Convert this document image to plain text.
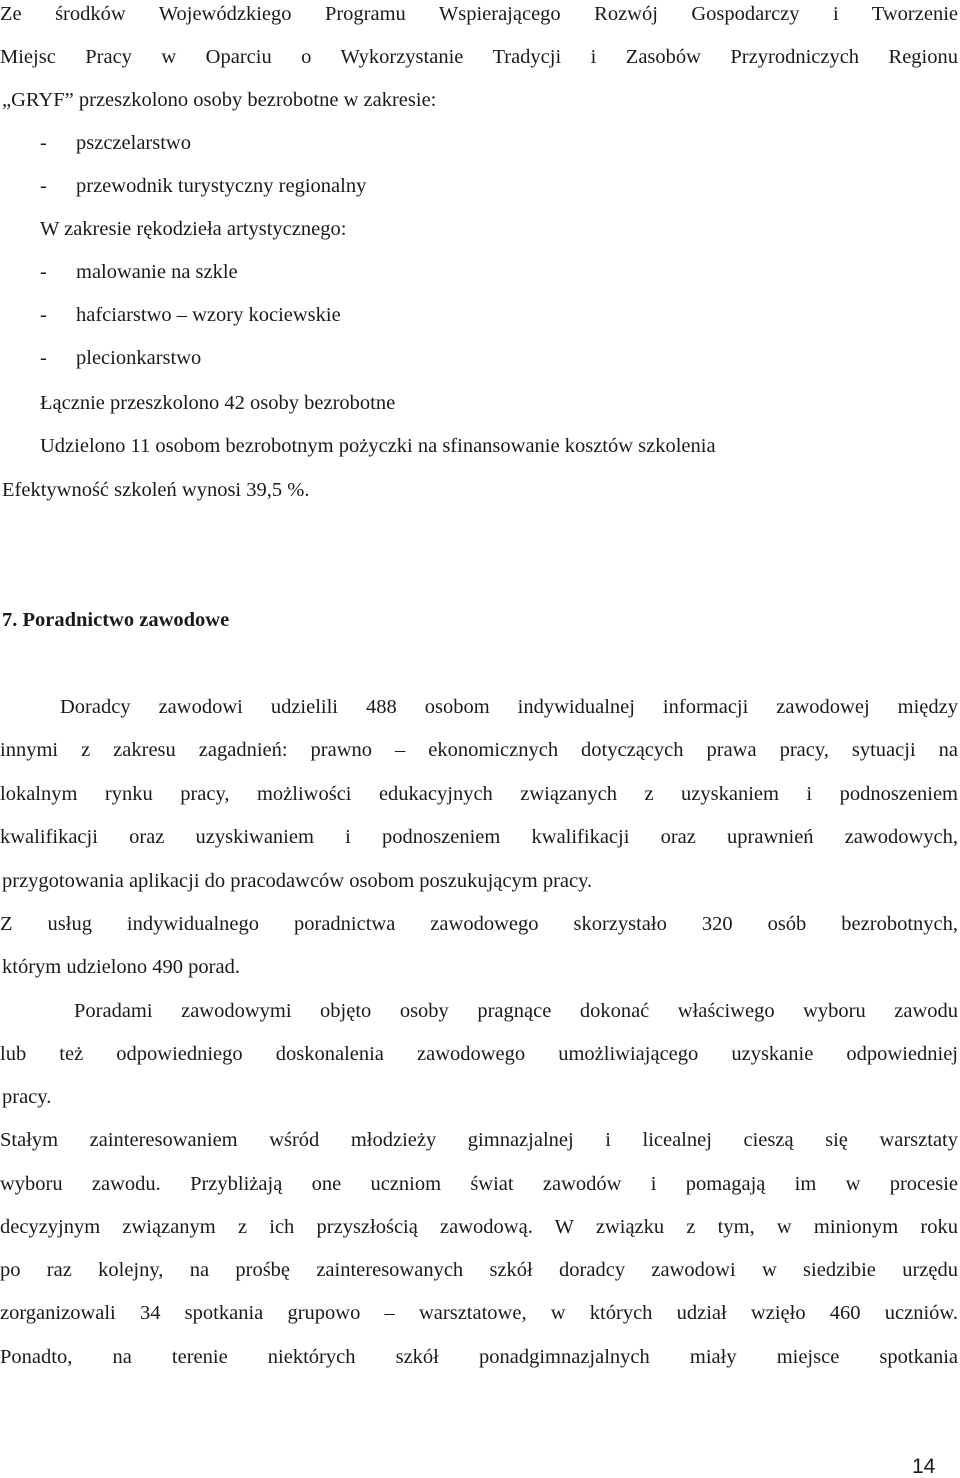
Ze środków Wojewódzkiego Programu Wspierającego Rozwój Gospodarczy i Tworzenie
Miejsc Pracy w Oparciu o Wykorzystanie Tradycji i Zasobów Przyrodniczych Regionu
„GRYF” przeszkolono osoby bezrobotne w zakresie:
- pszczelarstwo
- przewodnik turystyczny regionalny
W zakresie rękodzieła artystycznego:
- malowanie na szkle
- hafciarstwo – wzory kociewskie
- plecionkarstwo
Łącznie przeszkolono 42 osoby bezrobotne
Udzielono 11 osobom bezrobotnym pożyczki na sfinansowanie kosztów szkolenia
Efektywność szkoleń wynosi 39,5 %.
7. Poradnictwo zawodowe
Doradcy zawodowi udzielili 488 osobom indywidualnej informacji zawodowej między
innymi z zakresu zagadnień: prawno – ekonomicznych dotyczących prawa pracy, sytuacji na
lokalnym rynku pracy, możliwości edukacyjnych związanych z uzyskaniem i podnoszeniem
kwalifikacji oraz uzyskiwaniem i podnoszeniem kwalifikacji oraz uprawnień zawodowych,
przygotowania aplikacji do pracodawców osobom poszukującym pracy.
Z usług indywidualnego poradnictwa zawodowego skorzystało 320 osób bezrobotnych,
którym udzielono 490 porad.
Poradami zawodowymi objęto osoby pragnące dokonać właściwego wyboru zawodu
lub też odpowiedniego doskonalenia zawodowego umożliwiającego uzyskanie odpowiedniej
pracy.
Stałym zainteresowaniem wśród młodzieży gimnazjalnej i licealnej cieszą się warsztaty
wyboru zawodu. Przybliżają one uczniom świat zawodów i pomagają im w procesie
decyzyjnym związanym z ich przyszłością zawodową. W związku z tym, w minionym roku
po raz kolejny, na prośbę zainteresowanych szkół doradcy zawodowi w siedzibie urzędu
zorganizowali 34 spotkania grupowo – warsztatowe, w których udział wzięło 460 uczniów.
Ponadto, na terenie niektórych szkół ponadgimnazjalnych miały miejsce spotkania
14
